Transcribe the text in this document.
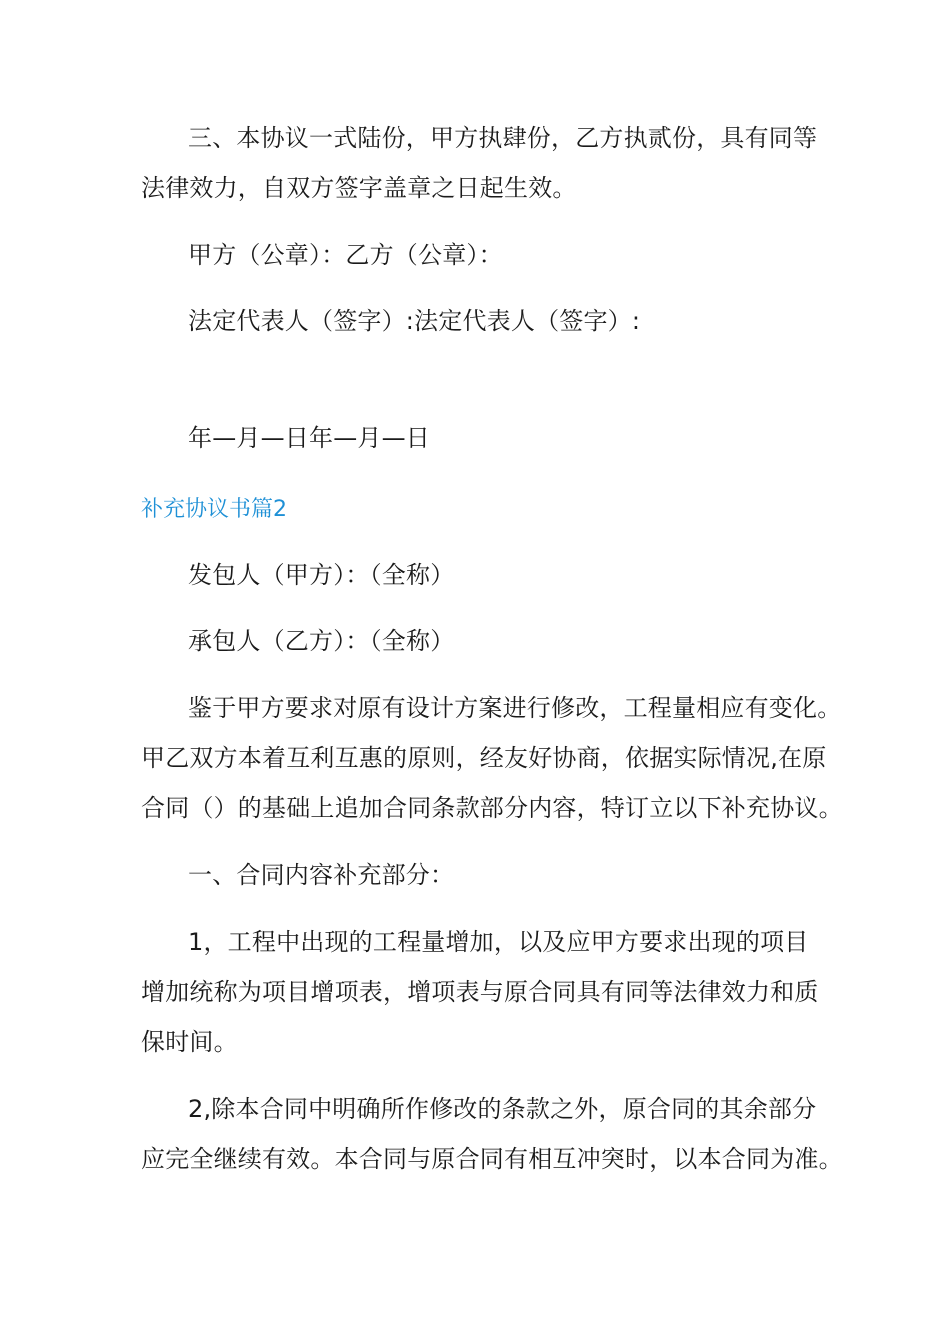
三、本协议一式陆份，甲方执肆份，乙方执贰份，具有同等
法律效力，自双方签字盖章之日起生效。
甲方（公章）：乙方（公章）：
法定代表人（签字）:法定代表人（签字）:
年—月—日年—月—日
补充协议书篇2
发包人（甲方）：（全称）
承包人（乙方）：（全称）
鉴于甲方要求对原有设计方案进行修改，工程量相应有变化。
甲乙双方本着互利互惠的原则，经友好协商，依据实际情况,在原
合同（）的基础上追加合同条款部分内容，特订立以下补充协议。
一、合同内容补充部分：
1，工程中出现的工程量增加，以及应甲方要求出现的项目
增加统称为项目增项表，增项表与原合同具有同等法律效力和质
保时间。
2,除本合同中明确所作修改的条款之外，原合同的其余部分
应完全继续有效。本合同与原合同有相互冲突时，以本合同为准。
